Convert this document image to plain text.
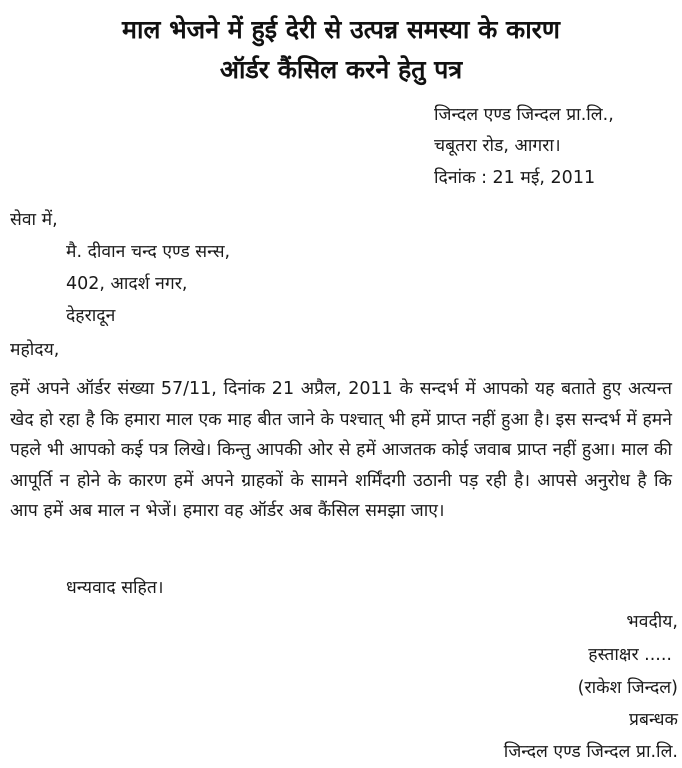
माल भेजने में हुई देरी से उत्पन्न समस्या के कारण
ऑर्डर कैंसिल करने हेतु पत्र
जिन्दल एण्ड जिन्दल प्रा.लि.,
चबूतरा रोड, आगरा।
दिनांक : 21 मई, 2011
सेवा में,
मै. दीवान चन्द एण्ड सन्स,
402, आदर्श नगर,
देहरादून
महोदय,
हमें अपने ऑर्डर संख्या 57/11, दिनांक 21 अप्रैल, 2011 के सन्दर्भ में आपको यह बताते हुए अत्यन्त खेद हो रहा है कि हमारा माल एक माह बीत जाने के पश्चात् भी हमें प्राप्त नहीं हुआ है। इस सन्दर्भ में हमने पहले भी आपको कई पत्र लिखे। किन्तु आपकी ओर से हमें आजतक कोई जवाब प्राप्त नहीं हुआ। माल की आपूर्ति न होने के कारण हमें अपने ग्राहकों के सामने शर्मिंदगी उठानी पड़ रही है। आपसे अनुरोध है कि आप हमें अब माल न भेजें। हमारा वह ऑर्डर अब कैंसिल समझा जाए।
धन्यवाद सहित।
भवदीय,
हस्ताक्षर .....
(राकेश जिन्दल)
प्रबन्धक
जिन्दल एण्ड जिन्दल प्रा.लि.
